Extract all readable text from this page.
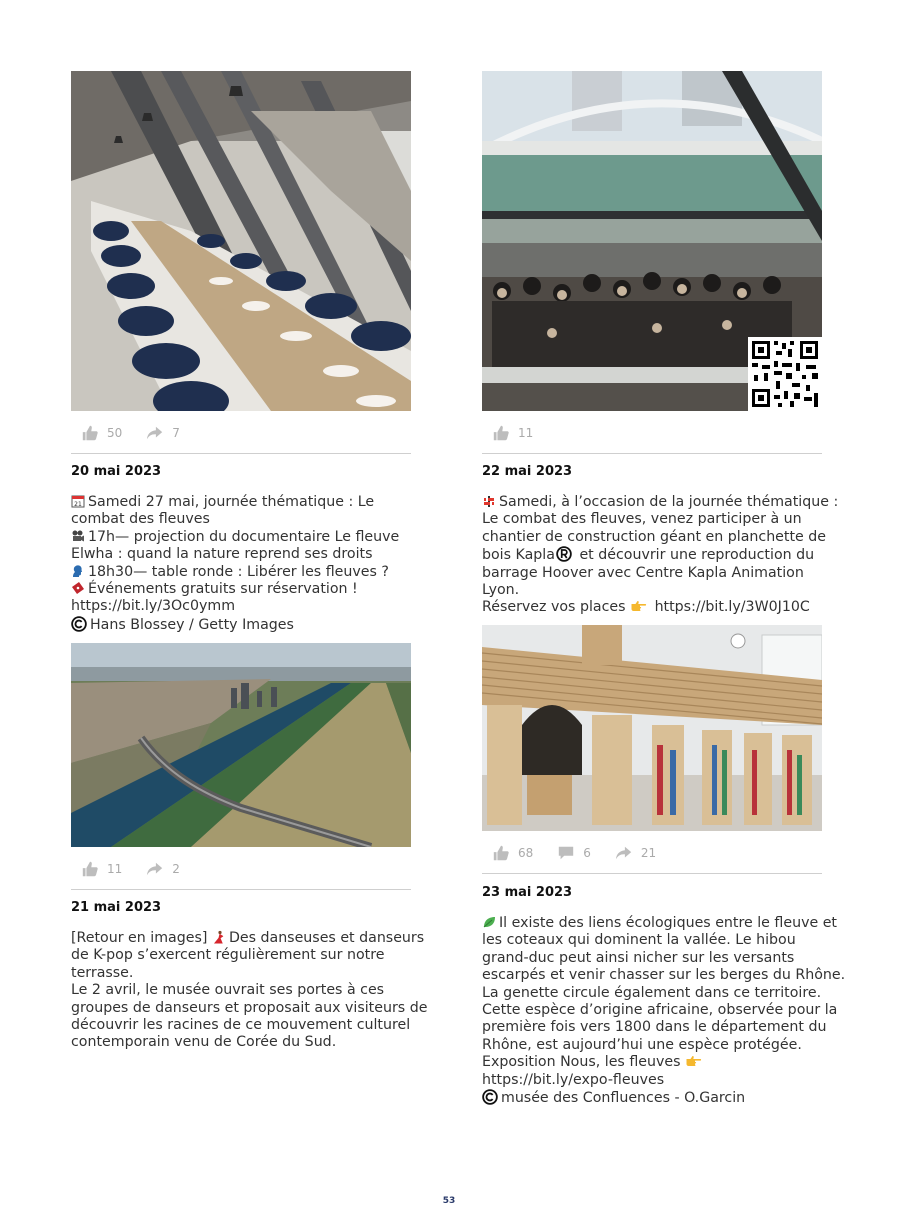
50	7
20 mai 2023
21 Samedi 27 mai, journée thématique : Le
combat des fleuves
17h— projection du documentaire Le fleuve
Elwha : quand la nature reprend ses droits
18h30— table ronde : Libérer les fleuves ?
Événements gratuits sur réservation !
https://bit.ly/3Oc0ymm
Hans Blossey / Getty Images
11	2
21 mai 2023
[Retour en images] Des danseuses et danseurs
de K-pop s’exercent régulièrement sur notre
terrasse.
Le 2 avril, le musée ouvrait ses portes à ces
groupes de danseurs et proposait aux visiteurs de
découvrir les racines de ce mouvement culturel
contemporain venu de Corée du Sud.
11
22 mai 2023
Samedi, à l’occasion de la journée thématique :
Le combat des fleuves, venez participer à un
chantier de construction géant en planchette de
bois Kapla et découvrir une reproduction du
barrage Hoover avec Centre Kapla Animation
Lyon.
Réservez vos places https://bit.ly/3W0J10C
68	6	21
23 mai 2023
Il existe des liens écologiques entre le fleuve et
les coteaux qui dominent la vallée. Le hibou
grand-duc peut ainsi nicher sur les versants
escarpés et venir chasser sur les berges du Rhône.
La genette circule également dans ce territoire.
Cette espèce d’origine africaine, observée pour la
première fois vers 1800 dans le département du
Rhône, est aujourd’hui une espèce protégée.
Exposition Nous, les fleuves
https://bit.ly/expo-fleuves
musée des Confluences - O.Garcin
53
